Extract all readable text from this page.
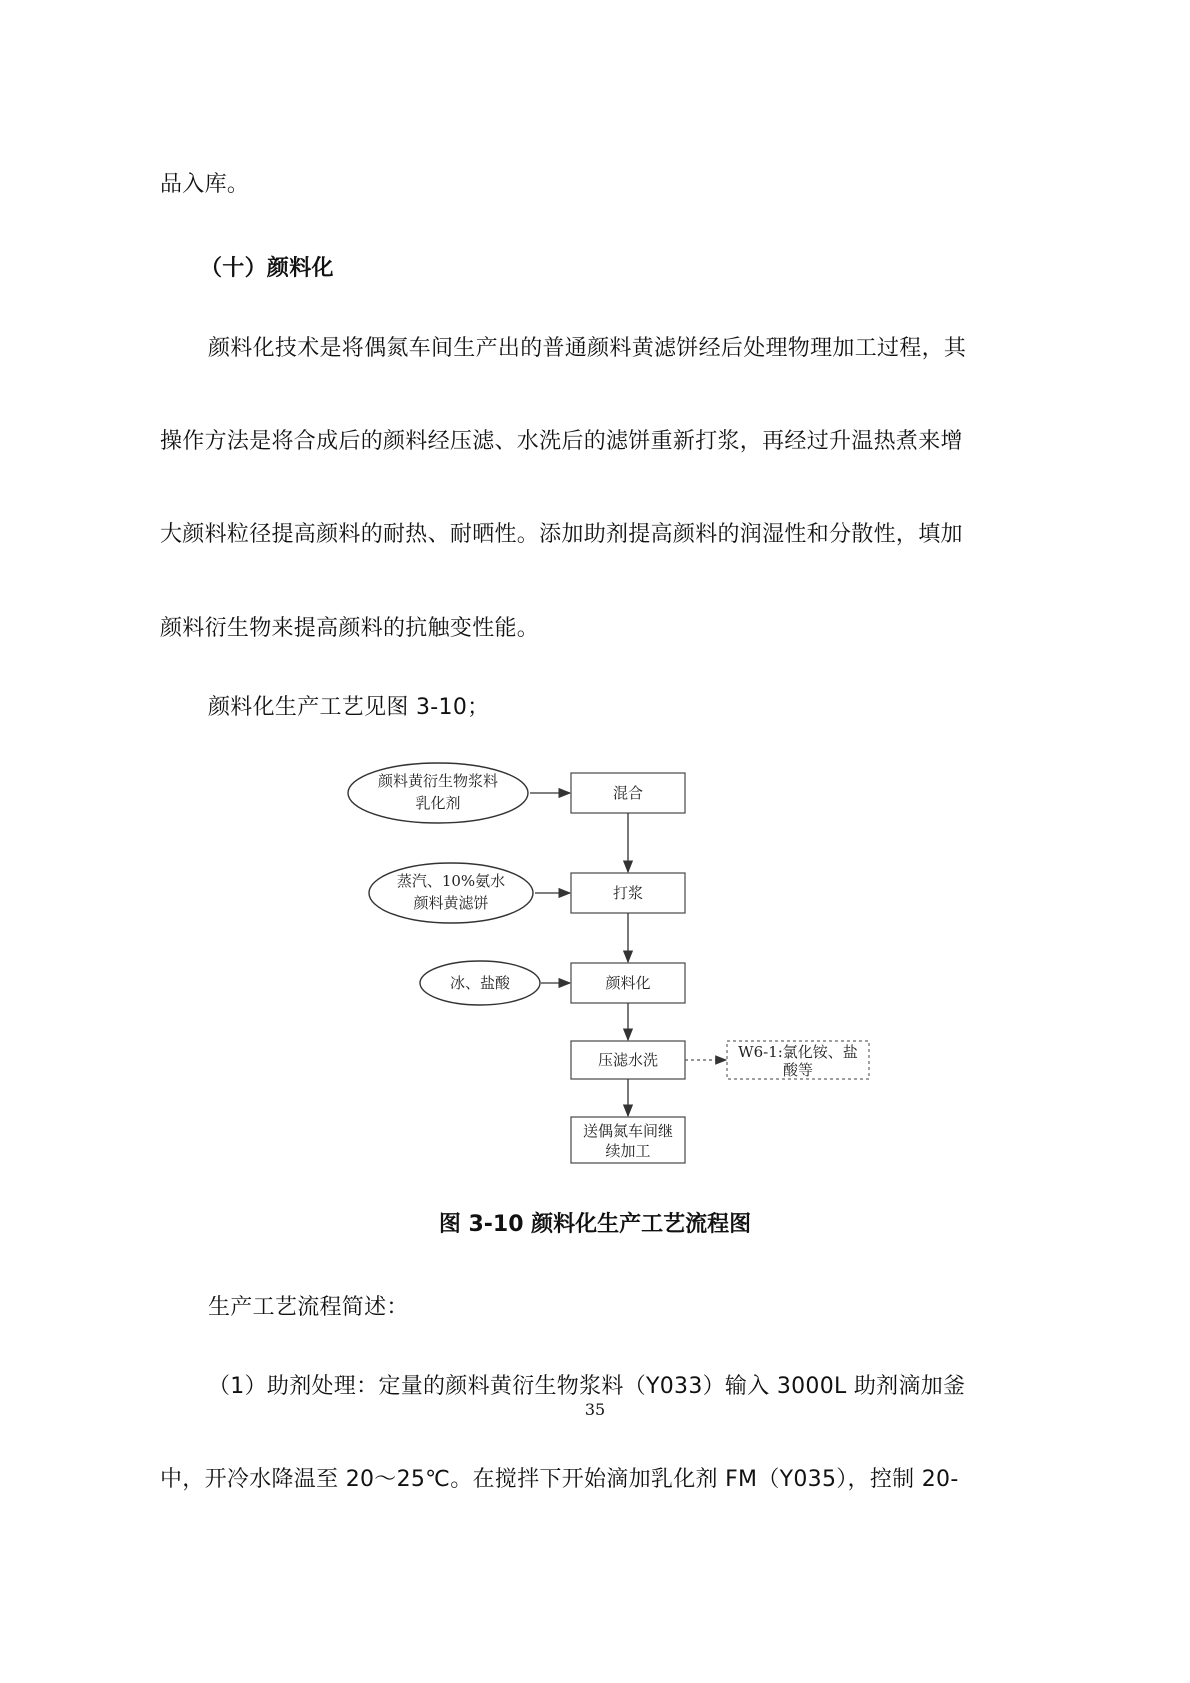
品入库。
（十）颜料化
颜料化技术是将偶氮车间生产出的普通颜料黄滤饼经后处理物理加工过程，其
操作方法是将合成后的颜料经压滤、水洗后的滤饼重新打浆，再经过升温热煮来增
大颜料粒径提高颜料的耐热、耐晒性。添加助剂提高颜料的润湿性和分散性，填加
颜料衍生物来提高颜料的抗触变性能。
颜料化生产工艺见图 3-10；
颜料黄衍生物浆料
乳化剂
蒸汽、10%氨水
颜料黄滤饼
冰、盐酸
混合
打浆
颜料化
压滤水洗
送偶氮车间继
续加工
W6-1:氯化铵、盐
酸等
图 3-10 颜料化生产工艺流程图
生产工艺流程简述：
（1）助剂处理：定量的颜料黄衍生物浆料（Y033）输入 3000L 助剂滴加釜
35
中，开冷水降温至 20～25℃。在搅拌下开始滴加乳化剂 FM（Y035），控制 20-
